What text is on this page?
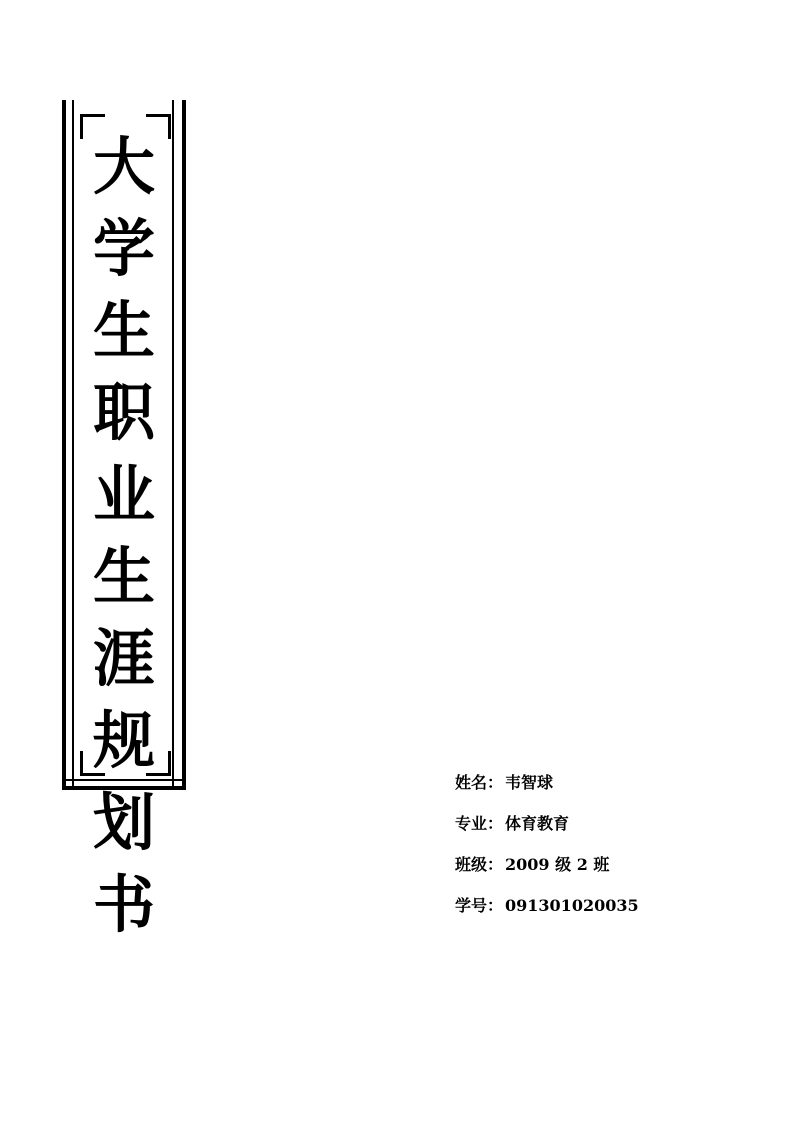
大学生职业生涯规划书
姓名： 韦智球
专业： 体育教育
班级： 2009 级 2 班
学号： 091301020035
